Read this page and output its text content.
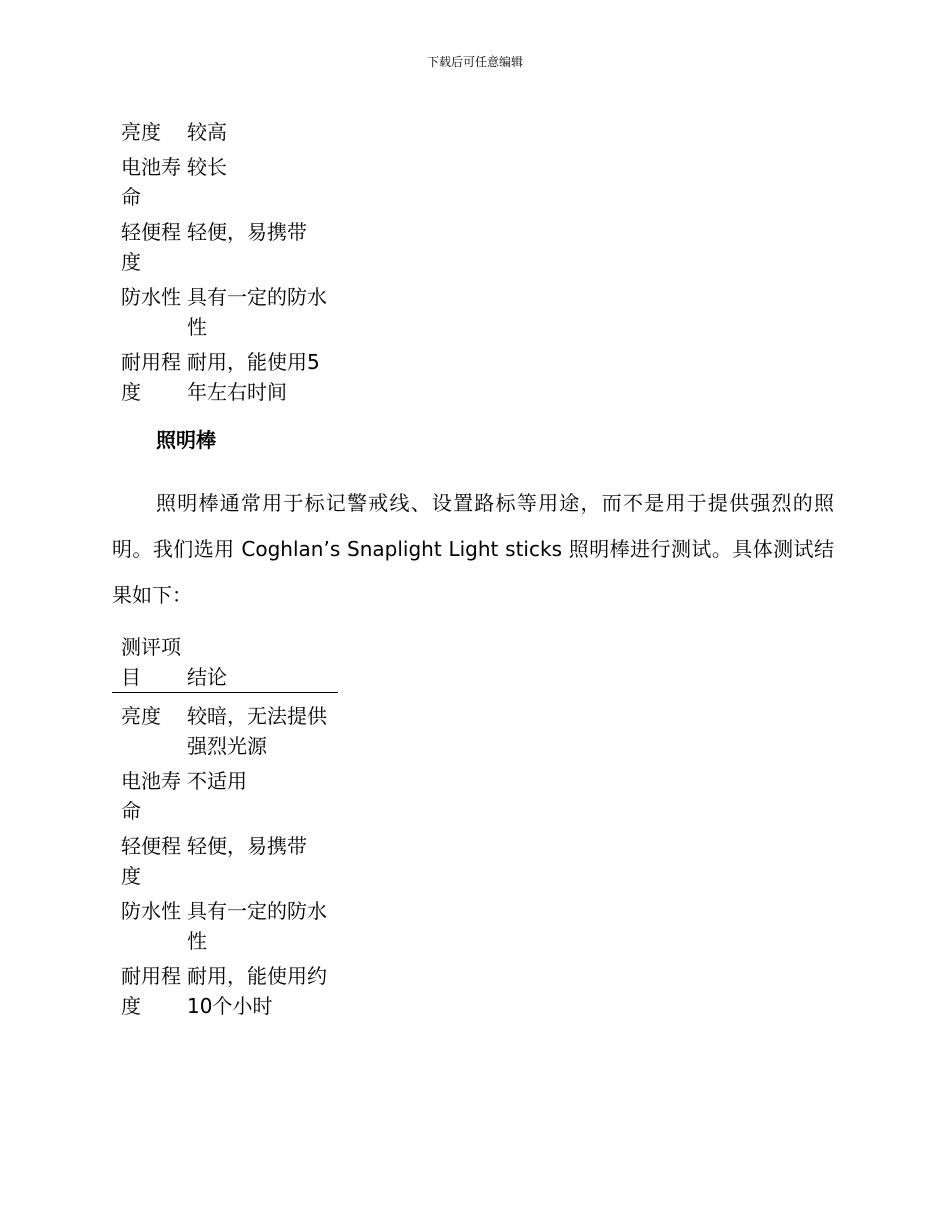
下载后可任意编辑
亮度	较高
电池寿命	较长
轻便程度	轻便，易携带
防水性	具有一定的防水性
耐用程度	耐用，能使用5年左右时间
照明棒

照明棒通常用于标记警戒线、设置路标等用途，而不是用于提供强烈的照明。我们选用 Coghlan’s Snaplight Light sticks 照明棒进行测试。具体测试结果如下：

测评项目	结论

亮度	较暗，无法提供强烈光源
电池寿命	不适用
轻便程度	轻便，易携带
防水性	具有一定的防水性
耐用程度	耐用，能使用约10个小时
